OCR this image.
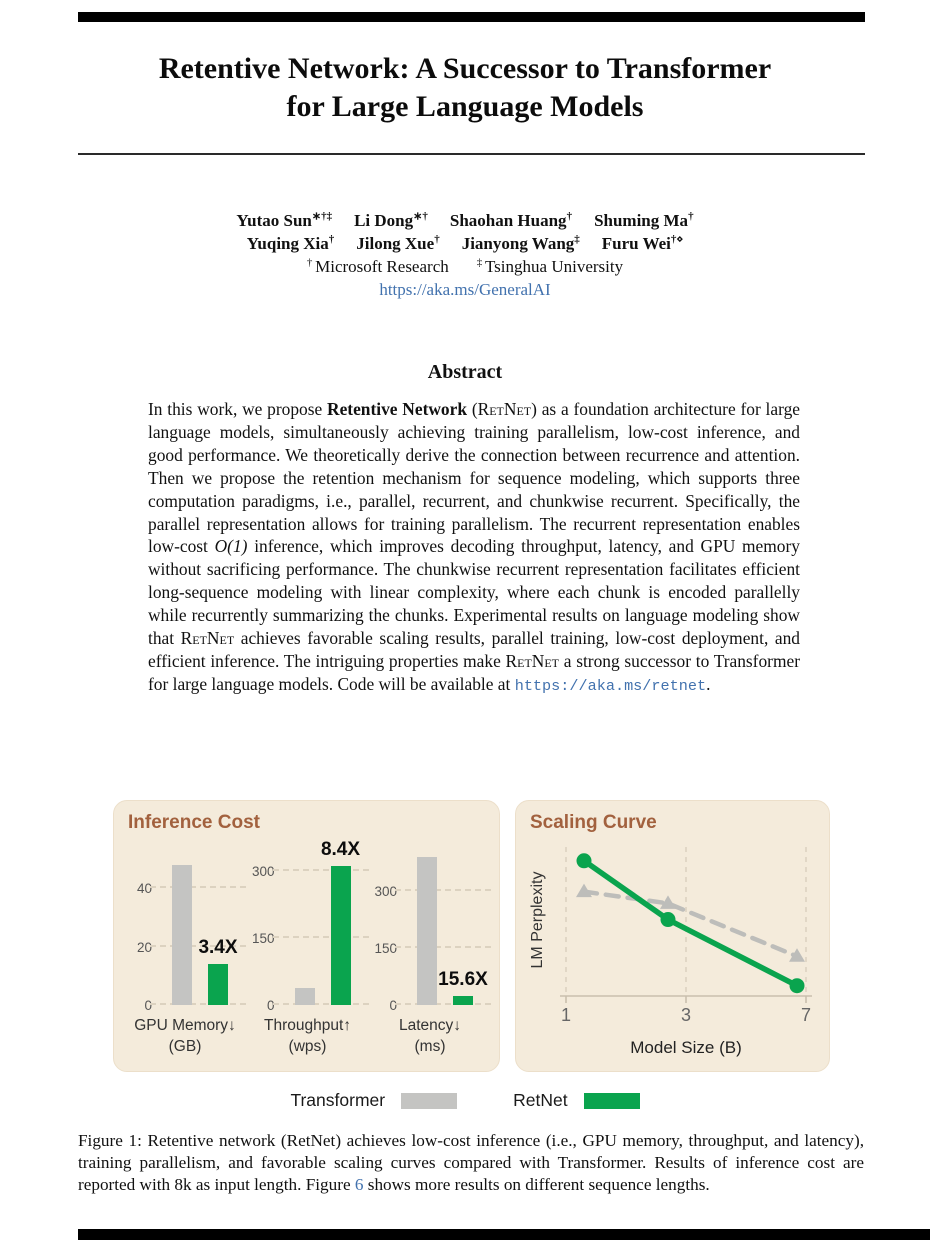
Retentive Network: A Successor to Transformer
for Large Language Models
Yutao Sun∗†‡ Li Dong∗† Shaohan Huang† Shuming Ma†
Yuqing Xia† Jilong Xue† Jianyong Wang‡ Furu Wei†⋄
† Microsoft Research	‡ Tsinghua University
https://aka.ms/GeneralAI
Abstract
In this work, we propose Retentive Network (RetNet) as a foundation architecture for large language models, simultaneously achieving training parallelism, low-cost inference, and good performance. We theoretically derive the connection between recurrence and attention. Then we propose the retention mechanism for sequence modeling, which supports three computation paradigms, i.e., parallel, recurrent, and chunkwise recurrent. Specifically, the parallel representation allows for training parallelism. The recurrent representation enables low-cost O(1) inference, which improves decoding throughput, latency, and GPU memory without sacrificing performance. The chunkwise recurrent representation facilitates efficient long-sequence modeling with linear complexity, where each chunk is encoded parallelly while recurrently summarizing the chunks. Experimental results on language modeling show that RetNet achieves favorable scaling results, parallel training, low-cost deployment, and efficient inference. The intriguing properties make RetNet a strong successor to Transformer for large language models. Code will be available at https://aka.ms/retnet.
Inference Cost
0
20
40
3.4X
GPU Memory↓
(GB)
0
150
300
8.4X
Throughput↑
(wps)
0
150
300
15.6X
Latency↓
(ms)
Scaling Curve
LM Perplexity
1	3	7
Model Size (B)
Transformer	RetNet
Figure 1: Retentive network (RetNet) achieves low-cost inference (i.e., GPU memory, throughput, and latency), training parallelism, and favorable scaling curves compared with Transformer. Results of inference cost are reported with 8k as input length. Figure 6 shows more results on different sequence lengths.
